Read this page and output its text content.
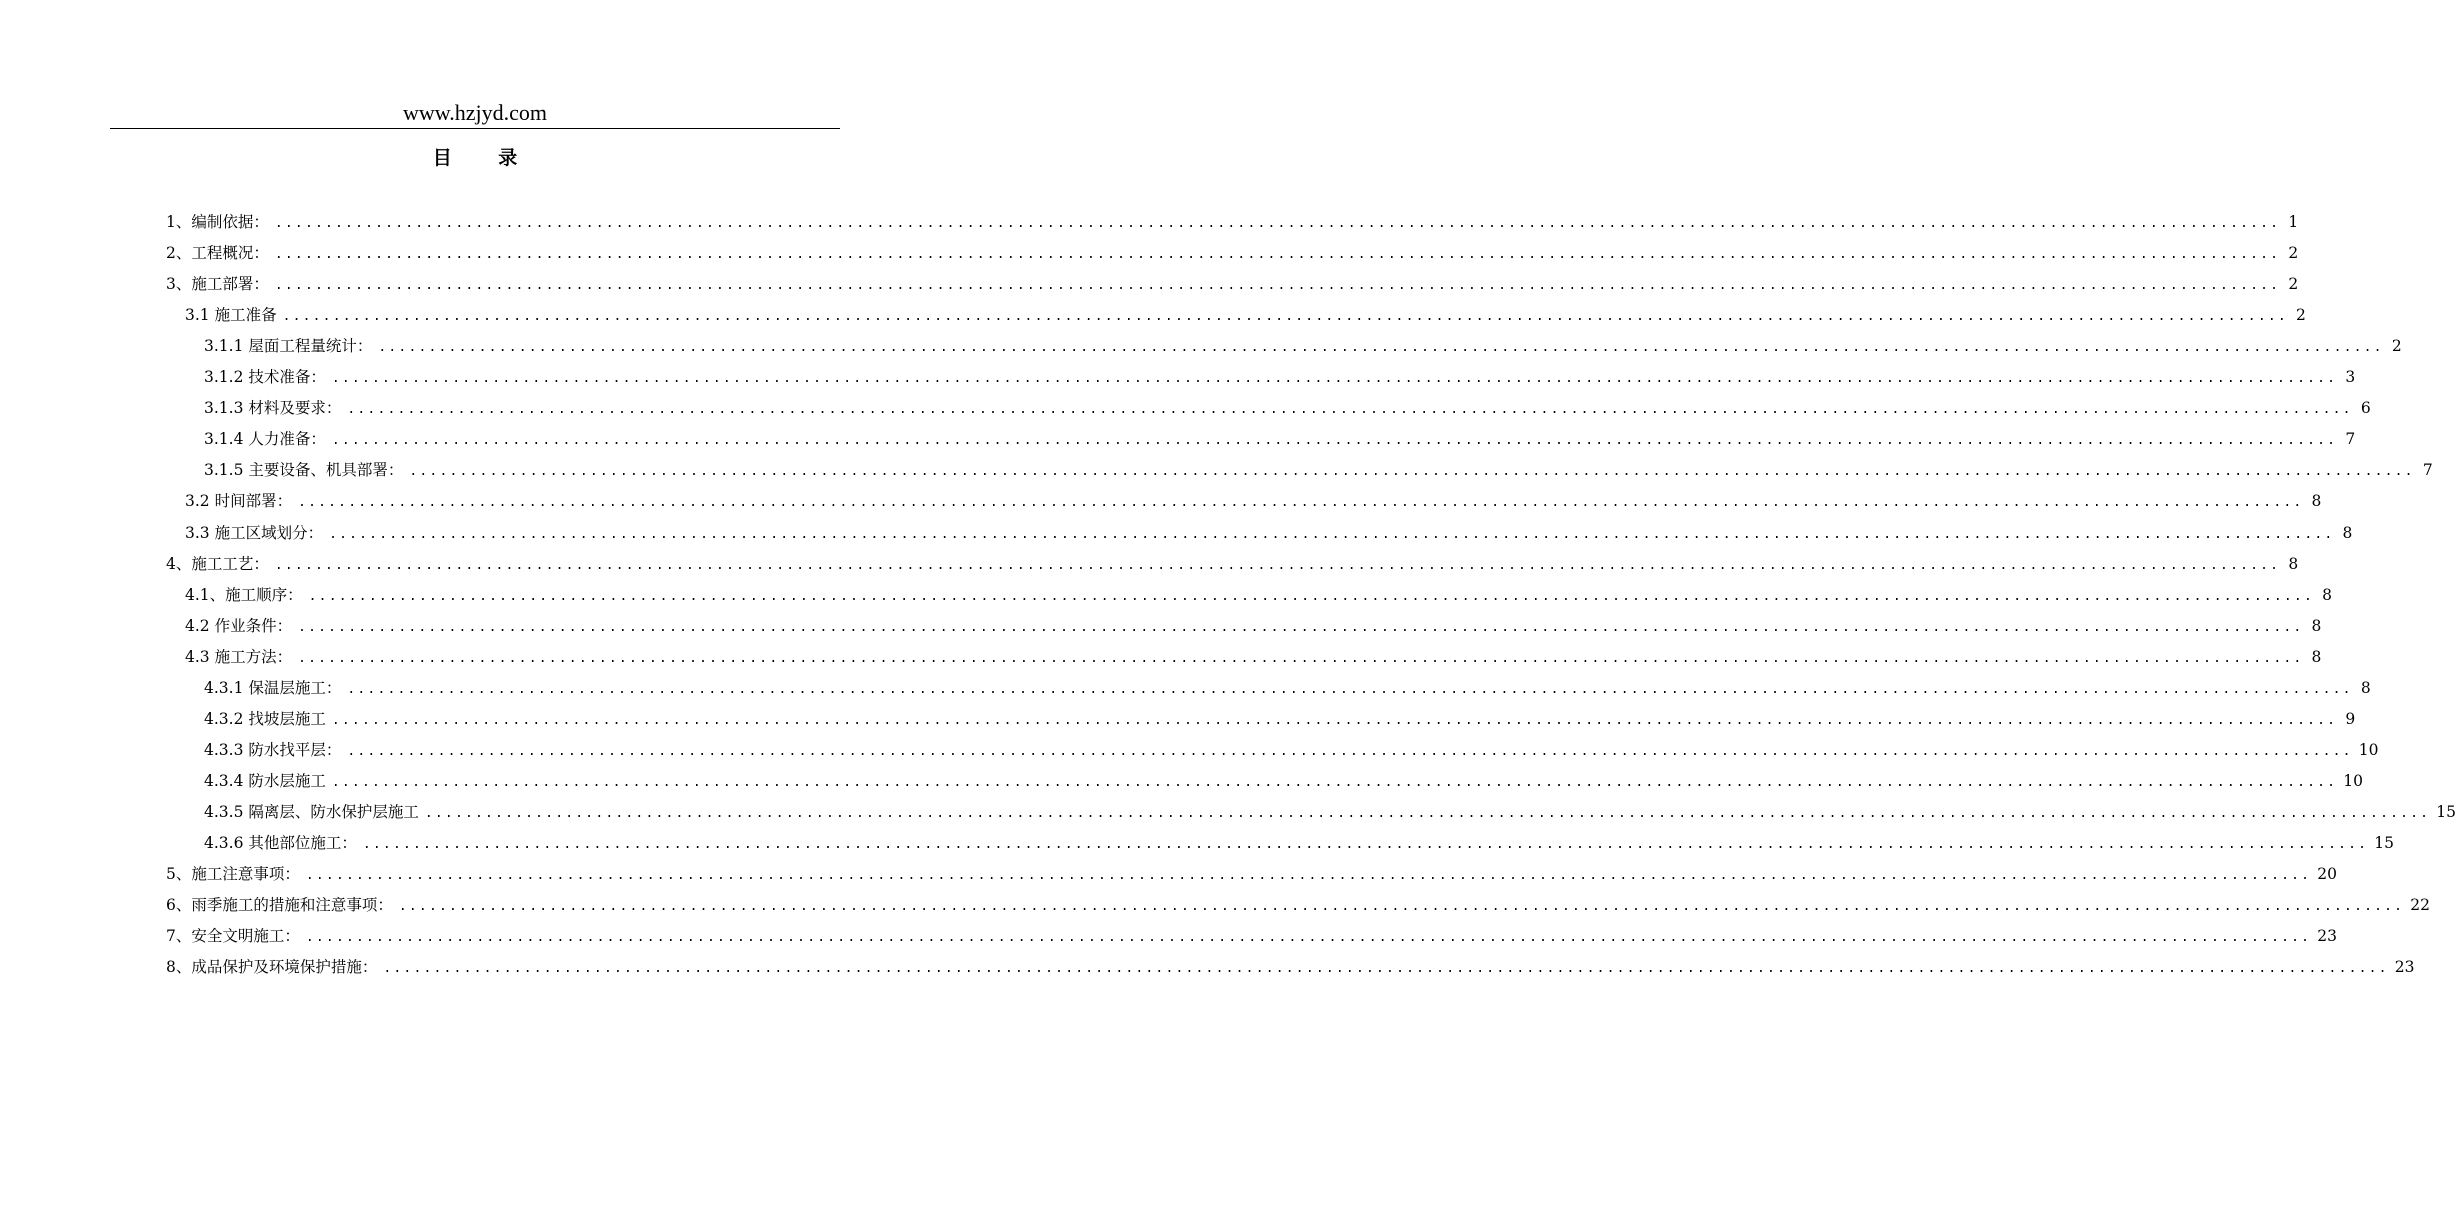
www.hzjyd.com
目 录
1、编制依据： ........................................................................................................................................................................................................ 1
2、工程概况： ........................................................................................................................................................................................................ 2
3、施工部署： ........................................................................................................................................................................................................ 2
3.1 施工准备 ........................................................................................................................................................................................................ 2
3.1.1 屋面工程量统计： ........................................................................................................................................................................................................ 2
3.1.2 技术准备： ........................................................................................................................................................................................................ 3
3.1.3 材料及要求： ........................................................................................................................................................................................................ 6
3.1.4 人力准备： ........................................................................................................................................................................................................ 7
3.1.5 主要设备、机具部署： ........................................................................................................................................................................................................ 7
3.2 时间部署： ........................................................................................................................................................................................................ 8
3.3 施工区域划分： ........................................................................................................................................................................................................ 8
4、施工工艺： ........................................................................................................................................................................................................ 8
4.1、施工顺序： ........................................................................................................................................................................................................ 8
4.2 作业条件： ........................................................................................................................................................................................................ 8
4.3 施工方法： ........................................................................................................................................................................................................ 8
4.3.1 保温层施工： ........................................................................................................................................................................................................ 8
4.3.2 找坡层施工 ........................................................................................................................................................................................................ 9
4.3.3 防水找平层： ........................................................................................................................................................................................................ 10
4.3.4 防水层施工 ........................................................................................................................................................................................................ 10
4.3.5 隔离层、防水保护层施工 ........................................................................................................................................................................................................ 15
4.3.6 其他部位施工： ........................................................................................................................................................................................................ 15
5、施工注意事项： ........................................................................................................................................................................................................ 20
6、雨季施工的措施和注意事项： ........................................................................................................................................................................................................ 22
7、安全文明施工： ........................................................................................................................................................................................................ 23
8、成品保护及环境保护措施： ........................................................................................................................................................................................................ 23
